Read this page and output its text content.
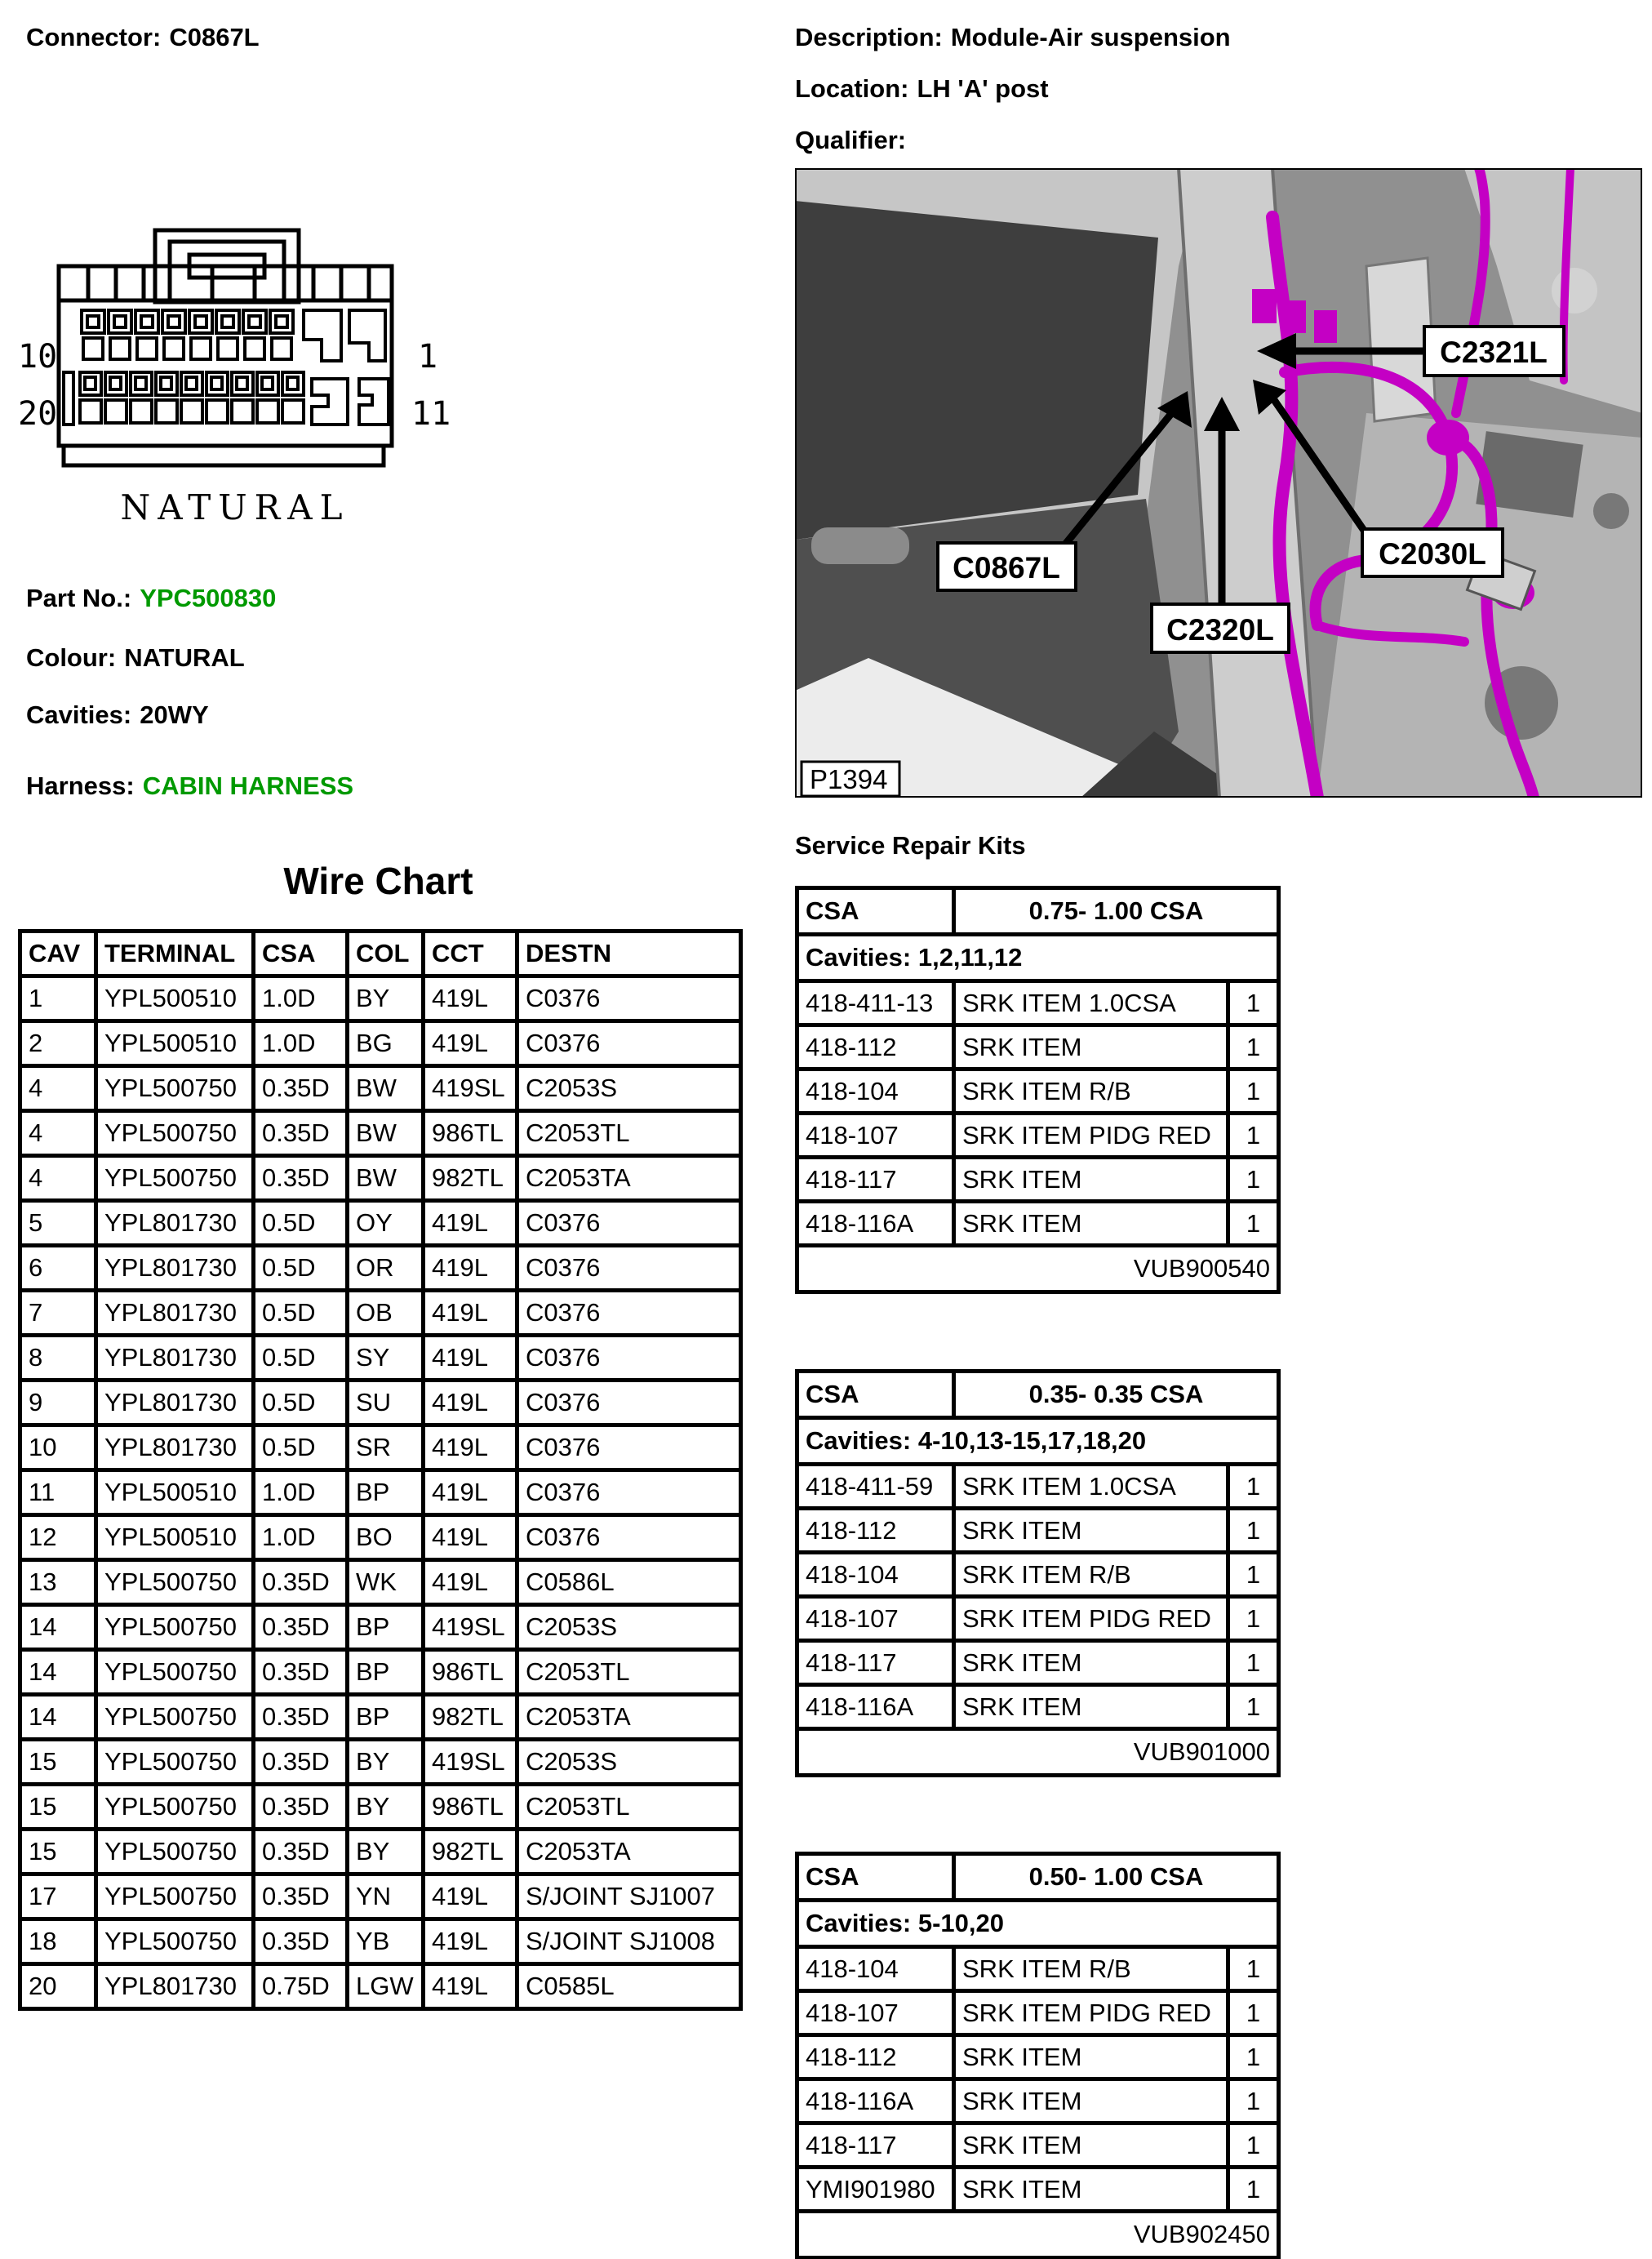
Connector: C0867L	Description: Module-Air suspension
Location: LH 'A' post
Qualifier:
10
20
1
11
NATURAL
Part No.: YPC500830
Colour: NATURAL
Cavities: 20WY
Harness: CABIN HARNESS
C2321L
C0867L
C2320L
C2030L
P1394
Wire Chart
CAV	TERMINAL	CSA	COL	CCT	DESTN
1	YPL500510	1.0D	BY	419L	C0376
2	YPL500510	1.0D	BG	419L	C0376
4	YPL500750	0.35D	BW	419SL	C2053S
4	YPL500750	0.35D	BW	986TL	C2053TL
4	YPL500750	0.35D	BW	982TL	C2053TA
5	YPL801730	0.5D	OY	419L	C0376
6	YPL801730	0.5D	OR	419L	C0376
7	YPL801730	0.5D	OB	419L	C0376
8	YPL801730	0.5D	SY	419L	C0376
9	YPL801730	0.5D	SU	419L	C0376
10	YPL801730	0.5D	SR	419L	C0376
11	YPL500510	1.0D	BP	419L	C0376
12	YPL500510	1.0D	BO	419L	C0376
13	YPL500750	0.35D	WK	419L	C0586L
14	YPL500750	0.35D	BP	419SL	C2053S
14	YPL500750	0.35D	BP	986TL	C2053TL
14	YPL500750	0.35D	BP	982TL	C2053TA
15	YPL500750	0.35D	BY	419SL	C2053S
15	YPL500750	0.35D	BY	986TL	C2053TL
15	YPL500750	0.35D	BY	982TL	C2053TA
17	YPL500750	0.35D	YN	419L	S/JOINT SJ1007
18	YPL500750	0.35D	YB	419L	S/JOINT SJ1008
20	YPL801730	0.75D	LGW	419L	C0585L
Service Repair Kits
CSA	0.75- 1.00 CSA	
Cavities: 1,2,11,12		
418-411-13	SRK ITEM 1.0CSA	1
418-112	SRK ITEM	1
418-104	SRK ITEM R/B	1
418-107	SRK ITEM PIDG RED	1
418-117	SRK ITEM	1
418-116A	SRK ITEM	1
VUB900540		
CSA	0.35- 0.35 CSA	
Cavities: 4-10,13-15,17,18,20		
418-411-59	SRK ITEM 1.0CSA	1
418-112	SRK ITEM	1
418-104	SRK ITEM R/B	1
418-107	SRK ITEM PIDG RED	1
418-117	SRK ITEM	1
418-116A	SRK ITEM	1
VUB901000		
CSA	0.50- 1.00 CSA	
Cavities: 5-10,20		
418-104	SRK ITEM R/B	1
418-107	SRK ITEM PIDG RED	1
418-112	SRK ITEM	1
418-116A	SRK ITEM	1
418-117	SRK ITEM	1
YMI901980	SRK ITEM	1
VUB902450		
